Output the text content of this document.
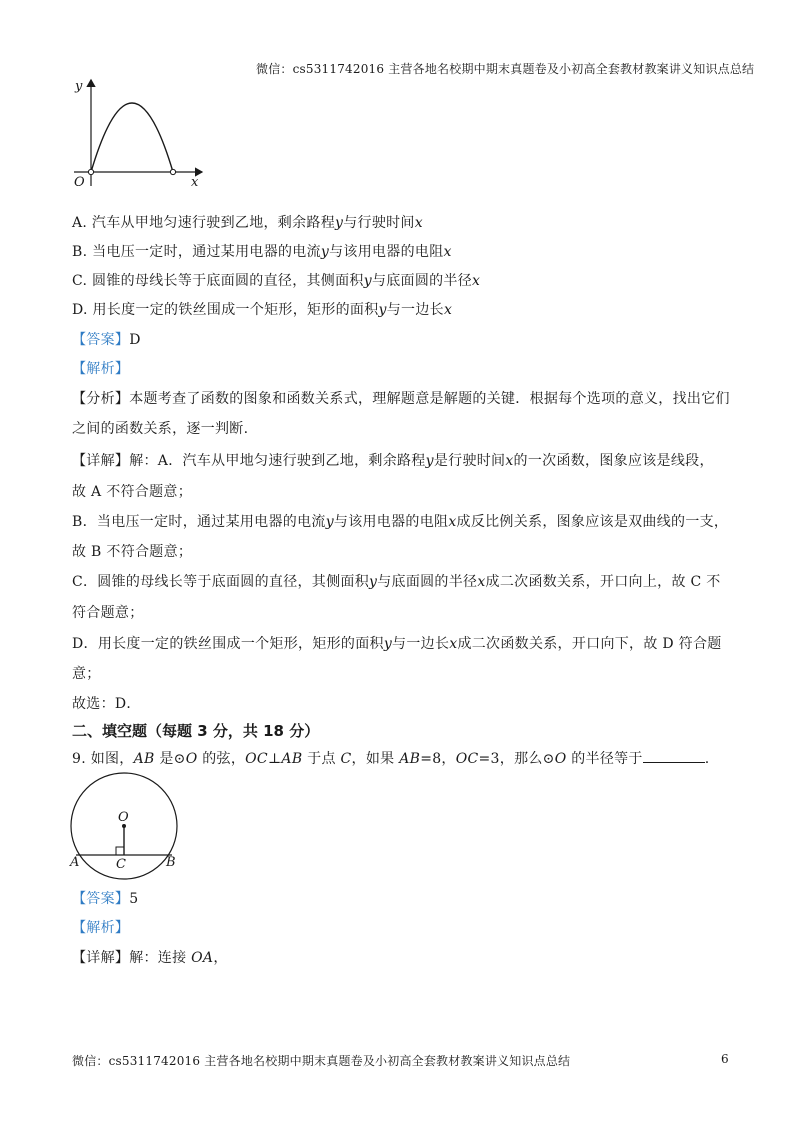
微信：cs5311742016 主营各地名校期中期末真题卷及小初高全套教材教案讲义知识点总结
y
x
O
A. 汽车从甲地匀速行驶到乙地，剩余路程y与行驶时间x
B. 当电压一定时，通过某用电器的电流y与该用电器的电阻x
C. 圆锥的母线长等于底面圆的直径，其侧面积y与底面圆的半径x
D. 用长度一定的铁丝围成一个矩形，矩形的面积y与一边长x
【答案】D
【解析】
【分析】本题考查了函数的图象和函数关系式，理解题意是解题的关键．根据每个选项的意义，找出它们
之间的函数关系，逐一判断.
【详解】解：A．汽车从甲地匀速行驶到乙地，剩余路程y是行驶时间x的一次函数，图象应该是线段，
故 A 不符合题意；
B．当电压一定时，通过某用电器的电流y与该用电器的电阻x成反比例关系，图象应该是双曲线的一支，
故 B 不符合题意；
C．圆锥的母线长等于底面圆的直径，其侧面积y与底面圆的半径x成二次函数关系，开口向上，故 C 不
符合题意；
D．用长度一定的铁丝围成一个矩形，矩形的面积y与一边长x成二次函数关系，开口向下，故 D 符合题
意；
故选：D．
二、填空题（每题 3 分，共 18 分）
9. 如图，AB 是⊙O 的弦，OC⊥AB 于点 C，如果 AB=8，OC=3，那么⊙O 的半径等于	.
O
A	B
C
【答案】5
【解析】
【详解】解：连接 OA，
微信：cs5311742016 主营各地名校期中期末真题卷及小初高全套教材教案讲义知识点总结	6
